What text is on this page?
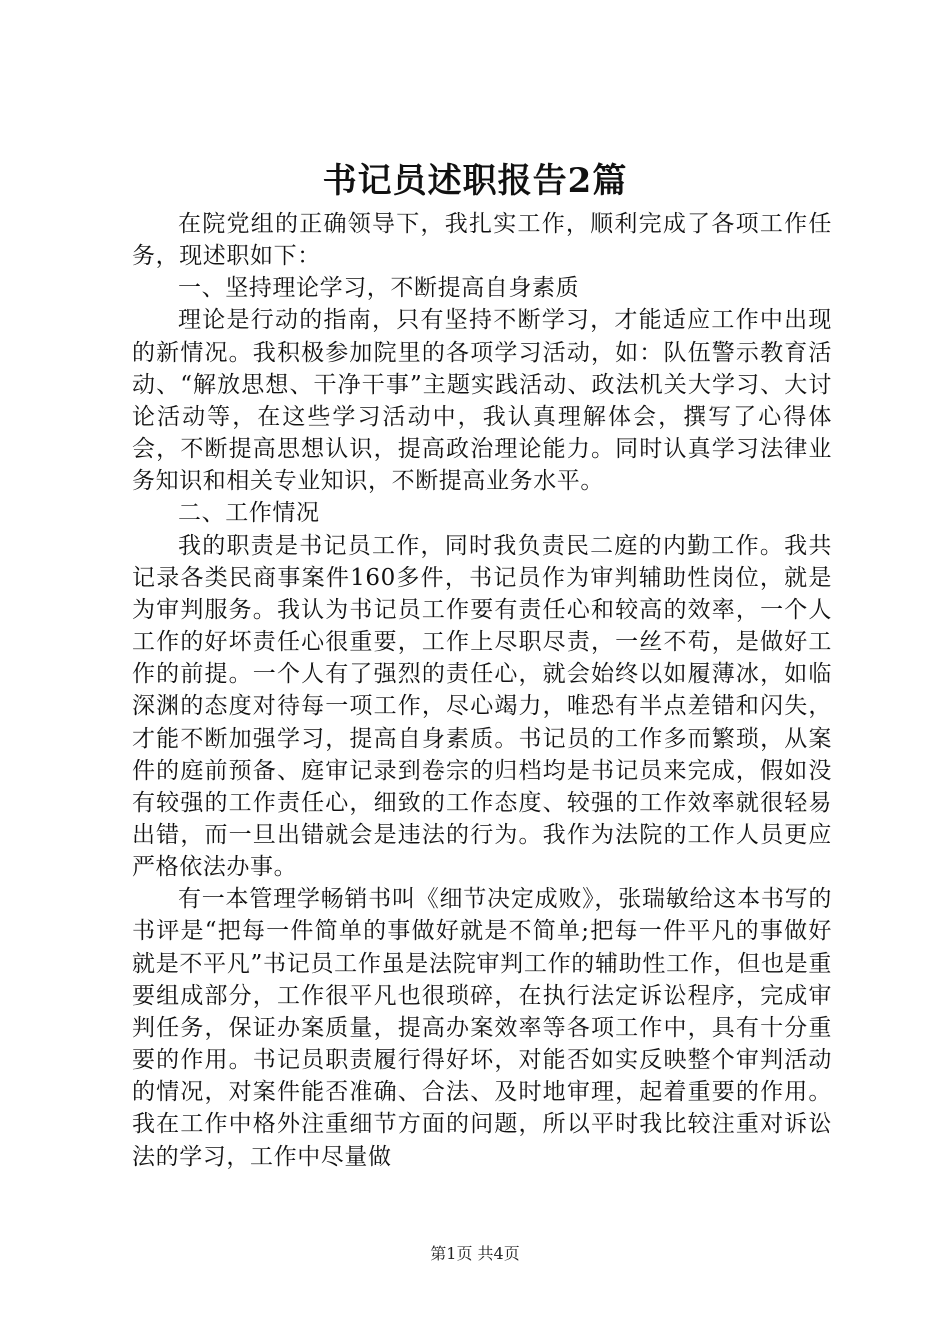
书记员述职报告2篇

在院党组的正确领导下，我扎实工作，顺利完成了各项工作任务，现述职如下：

一、坚持理论学习，不断提高自身素质

理论是行动的指南，只有坚持不断学习，才能适应工作中出现的新情况。我积极参加院里的各项学习活动，如：队伍警示教育活动、“解放思想、干净干事”主题实践活动、政法机关大学习、大讨论活动等，在这些学习活动中，我认真理解体会，撰写了心得体会，不断提高思想认识，提高政治理论能力。同时认真学习法律业务知识和相关专业知识，不断提高业务水平。

二、工作情况

我的职责是书记员工作，同时我负责民二庭的内勤工作。我共记录各类民商事案件160多件，书记员作为审判辅助性岗位，就是为审判服务。我认为书记员工作要有责任心和较高的效率，一个人工作的好坏责任心很重要，工作上尽职尽责，一丝不苟，是做好工作的前提。一个人有了强烈的责任心，就会始终以如履薄冰，如临深渊的态度对待每一项工作，尽心竭力，唯恐有半点差错和闪失，才能不断加强学习，提高自身素质。书记员的工作多而繁琐，从案件的庭前预备、庭审记录到卷宗的归档均是书记员来完成，假如没有较强的工作责任心，细致的工作态度、较强的工作效率就很轻易出错，而一旦出错就会是违法的行为。我作为法院的工作人员更应严格依法办事。

有一本管理学畅销书叫《细节决定成败》，张瑞敏给这本书写的书评是“把每一件简单的事做好就是不简单;把每一件平凡的事做好就是不平凡”书记员工作虽是法院审判工作的辅助性工作，但也是重要组成部分，工作很平凡也很琐碎，在执行法定诉讼程序，完成审判任务，保证办案质量，提高办案效率等各项工作中，具有十分重要的作用。书记员职责履行得好坏，对能否如实反映整个审判活动的情况，对案件能否准确、合法、及时地审理，起着重要的作用。我在工作中格外注重细节方面的问题，所以平时我比较注重对诉讼法的学习，工作中尽量做

第1页 共4页
